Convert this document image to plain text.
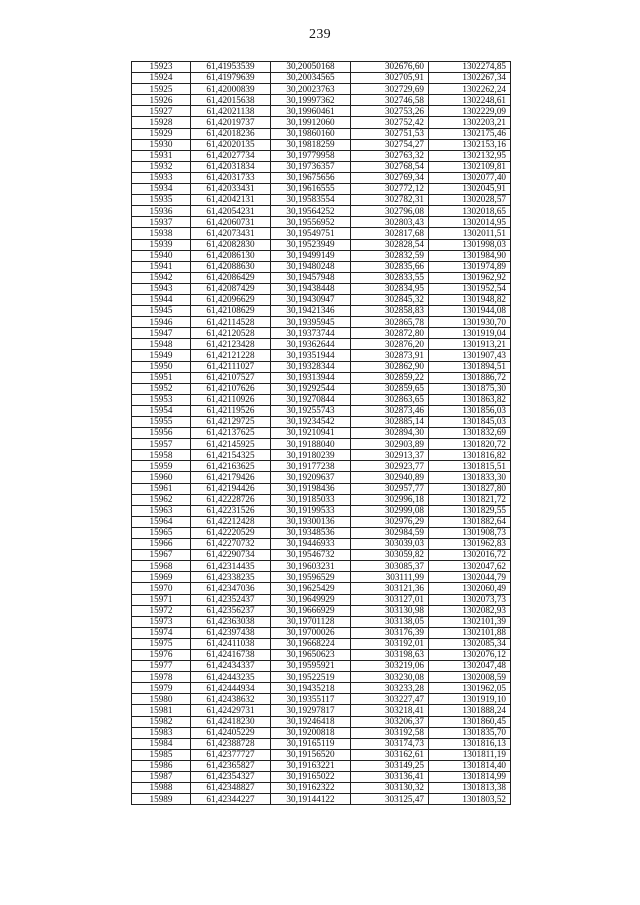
239
15923	61,41953539	30,20050168	302676,60	1302274,85
15924	61,41979639	30,20034565	302705,91	1302267,34
15925	61,42000839	30,20023763	302729,69	1302262,24
15926	61,42015638	30,19997362	302746,58	1302248,61
15927	61,42021138	30,19960461	302753,26	1302229,09
15928	61,42019737	30,19912060	302752,42	1302203,21
15929	61,42018236	30,19860160	302751,53	1302175,46
15930	61,42020135	30,19818259	302754,27	1302153,16
15931	61,42027734	30,19779958	302763,32	1302132,95
15932	61,42031834	30,19736357	302768,54	1302109,81
15933	61,42031733	30,19675656	302769,34	1302077,40
15934	61,42033431	30,19616555	302772,12	1302045,91
15935	61,42042131	30,19583554	302782,31	1302028,57
15936	61,42054231	30,19564252	302796,08	1302018,65
15937	61,42060731	30,19556952	302803,43	1302014,95
15938	61,42073431	30,19549751	302817,68	1302011,51
15939	61,42082830	30,19523949	302828,54	1301998,03
15940	61,42086130	30,19499149	302832,59	1301984,90
15941	61,42088630	30,19480248	302835,66	1301974,89
15942	61,42086429	30,19457948	302833,55	1301962,92
15943	61,42087429	30,19438448	302834,95	1301952,54
15944	61,42096629	30,19430947	302845,32	1301948,82
15945	61,42108629	30,19421346	302858,83	1301944,08
15946	61,42114528	30,19395945	302865,78	1301930,70
15947	61,42120528	30,19373744	302872,80	1301919,04
15948	61,42123428	30,19362644	302876,20	1301913,21
15949	61,42121228	30,19351944	302873,91	1301907,43
15950	61,42111027	30,19328344	302862,90	1301894,51
15951	61,42107527	30,19313944	302859,22	1301886,72
15952	61,42107626	30,19292544	302859,65	1301875,30
15953	61,42110926	30,19270844	302863,65	1301863,82
15954	61,42119526	30,19255743	302873,46	1301856,03
15955	61,42129725	30,19234542	302885,14	1301845,03
15956	61,42137625	30,19210941	302894,30	1301832,69
15957	61,42145925	30,19188040	302903,89	1301820,72
15958	61,42154325	30,19180239	302913,37	1301816,82
15959	61,42163625	30,19177238	302923,77	1301815,51
15960	61,42179426	30,19209637	302940,89	1301833,30
15961	61,42194426	30,19198436	302957,77	1301827,80
15962	61,42228726	30,19185033	302996,18	1301821,72
15963	61,42231526	30,19199533	302999,08	1301829,55
15964	61,42212428	30,19300136	302976,29	1301882,64
15965	61,42220529	30,19348536	302984,59	1301908,73
15966	61,42270732	30,19446933	303039,03	1301962,83
15967	61,42290734	30,19546732	303059,82	1302016,72
15968	61,42314435	30,19603231	303085,37	1302047,62
15969	61,42338235	30,19596529	303111,99	1302044,79
15970	61,42347036	30,19625429	303121,36	1302060,49
15971	61,42352437	30,19649929	303127,01	1302073,73
15972	61,42356237	30,19666929	303130,98	1302082,93
15973	61,42363038	30,19701128	303138,05	1302101,39
15974	61,42397438	30,19700026	303176,39	1302101,88
15975	61,42411038	30,19668224	303192,01	1302085,34
15976	61,42416738	30,19650623	303198,63	1302076,12
15977	61,42434337	30,19595921	303219,06	1302047,48
15978	61,42443235	30,19522519	303230,08	1302008,59
15979	61,42444934	30,19435218	303233,28	1301962,05
15980	61,42438632	30,19355117	303227,47	1301919,10
15981	61,42429731	30,19297817	303218,41	1301888,24
15982	61,42418230	30,19246418	303206,37	1301860,45
15983	61,42405229	30,19200818	303192,58	1301835,70
15984	61,42388728	30,19165119	303174,73	1301816,13
15985	61,42377727	30,19156520	303162,61	1301811,19
15986	61,42365827	30,19163221	303149,25	1301814,40
15987	61,42354327	30,19165022	303136,41	1301814,99
15988	61,42348827	30,19162322	303130,32	1301813,38
15989	61,42344227	30,19144122	303125,47	1301803,52
